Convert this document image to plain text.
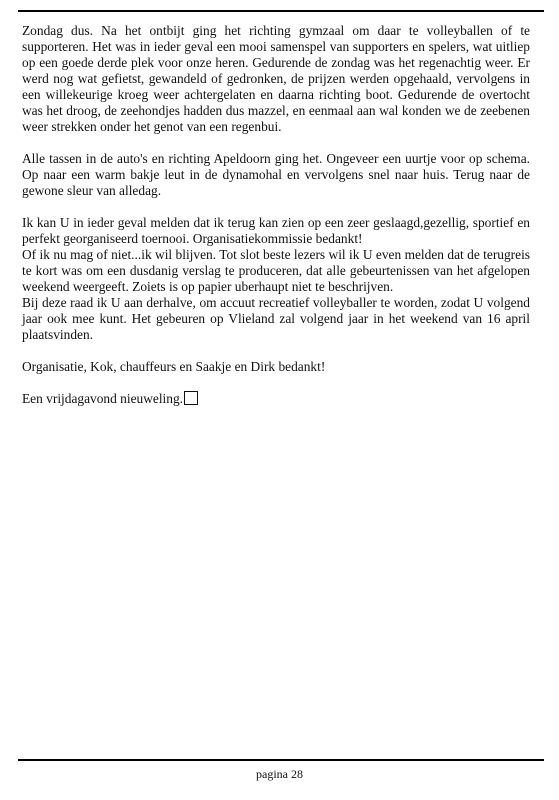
Zondag dus. Na het ontbijt ging het richting gymzaal om daar te volleyballen of te supporteren. Het was in ieder geval een mooi samenspel van supporters en spelers, wat uitliep op een goede derde plek voor onze heren. Gedurende de zondag was het regenachtig weer. Er werd nog wat gefietst, gewandeld of gedronken, de prijzen werden opgehaald, vervolgens in een willekeurige kroeg weer achtergelaten en daarna richting boot. Gedurende de overtocht was het droog, de zeehondjes hadden dus mazzel, en eenmaal aan wal konden we de zeebenen weer strekken onder het genot van een regenbui.

Alle tassen in de auto's en richting Apeldoorn ging het. Ongeveer een uurtje voor op schema. Op naar een warm bakje leut in de dynamohal en vervolgens snel naar huis. Terug naar de gewone sleur van alledag.

Ik kan U in ieder geval melden dat ik terug kan zien op een zeer geslaagd,gezellig, sportief en perfekt georganiseerd toernooi. Organisatiekommissie bedankt!

Of ik nu mag of niet...ik wil blijven. Tot slot beste lezers wil ik U even melden dat de terugreis te kort was om een dusdanig verslag te produceren, dat alle gebeurtenissen van het afgelopen weekend weergeeft. Zoiets is op papier uberhaupt niet te beschrijven.

Bij deze raad ik U aan derhalve, om accuut recreatief volleyballer te worden, zodat U volgend jaar ook mee kunt. Het gebeuren op Vlieland zal volgend jaar in het weekend van 16 april plaatsvinden.

Organisatie, Kok, chauffeurs en Saakje en Dirk bedankt!

Een vrijdagavond nieuweling.

pagina 28
